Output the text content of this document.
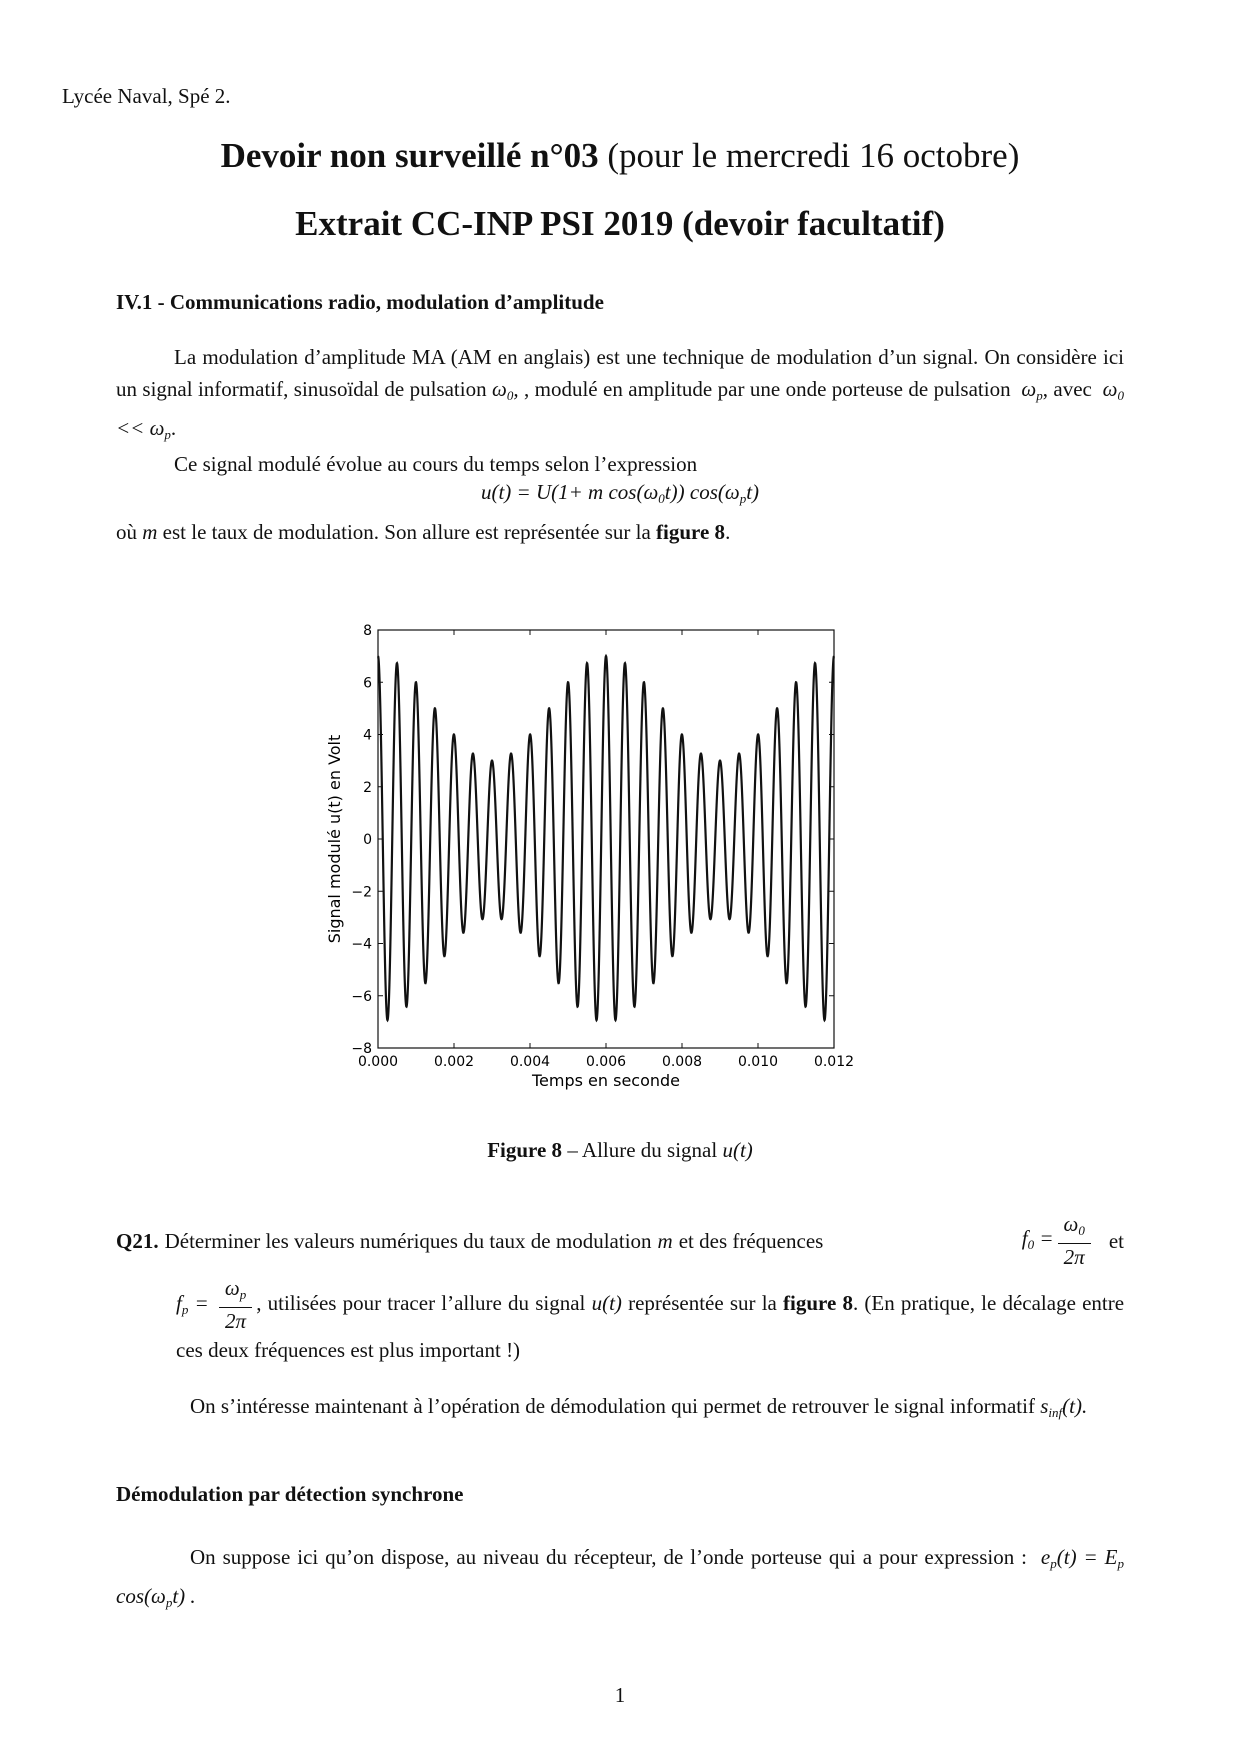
Lycée Naval, Spé 2.
Devoir non surveillé n°03 (pour le mercredi 16 octobre)
Extrait CC-INP PSI 2019 (devoir facultatif)
IV.1 - Communications radio, modulation d’amplitude
La modulation d’amplitude MA (AM en anglais) est une technique de modulation d’un signal. On considère ici un signal informatif, sinusoïdal de pulsation $\omega_0$, , modulé en amplitude par une onde porteuse de pulsation  $\omega_p$, avec  $\omega_0 << \omega_p$.
Ce signal modulé évolue au cours du temps selon l’expression
u(t) = U(1+ m $\cos(\omega_0t)$) $\cos(\omega_pt)$
où m est le taux de modulation. Son allure est représentée sur la figure 8.
0.000	0.002	0.004	0.006	0.008	0.010	0.012
−8
−6
−4
−2
0
2
4
6
8
Temps en seconde
Signal modulé u(t) en Volt
Figure 8 – Allure du signal u(t)
Q21. Déterminer les valeurs numériques du taux de modulation m et des fréquences	$f_0 = \frac{\omega_0}{2\pi}$ et
$f_p = \frac{\omega_p}{2\pi}$ , utilisées pour tracer l’allure du signal u(t) représentée sur la figure 8. (En pratique, le décalage entre ces deux fréquences est plus important !)
On s’intéresse maintenant à l’opération de démodulation qui permet de retrouver le signal informatif $s_{inf}(t)$.
Démodulation par détection synchrone
On suppose ici qu’on dispose, au niveau du récepteur, de l’onde porteuse qui a pour expression :  $e_p(t) = E_p$ $\cos(\omega_pt)$ .
1
